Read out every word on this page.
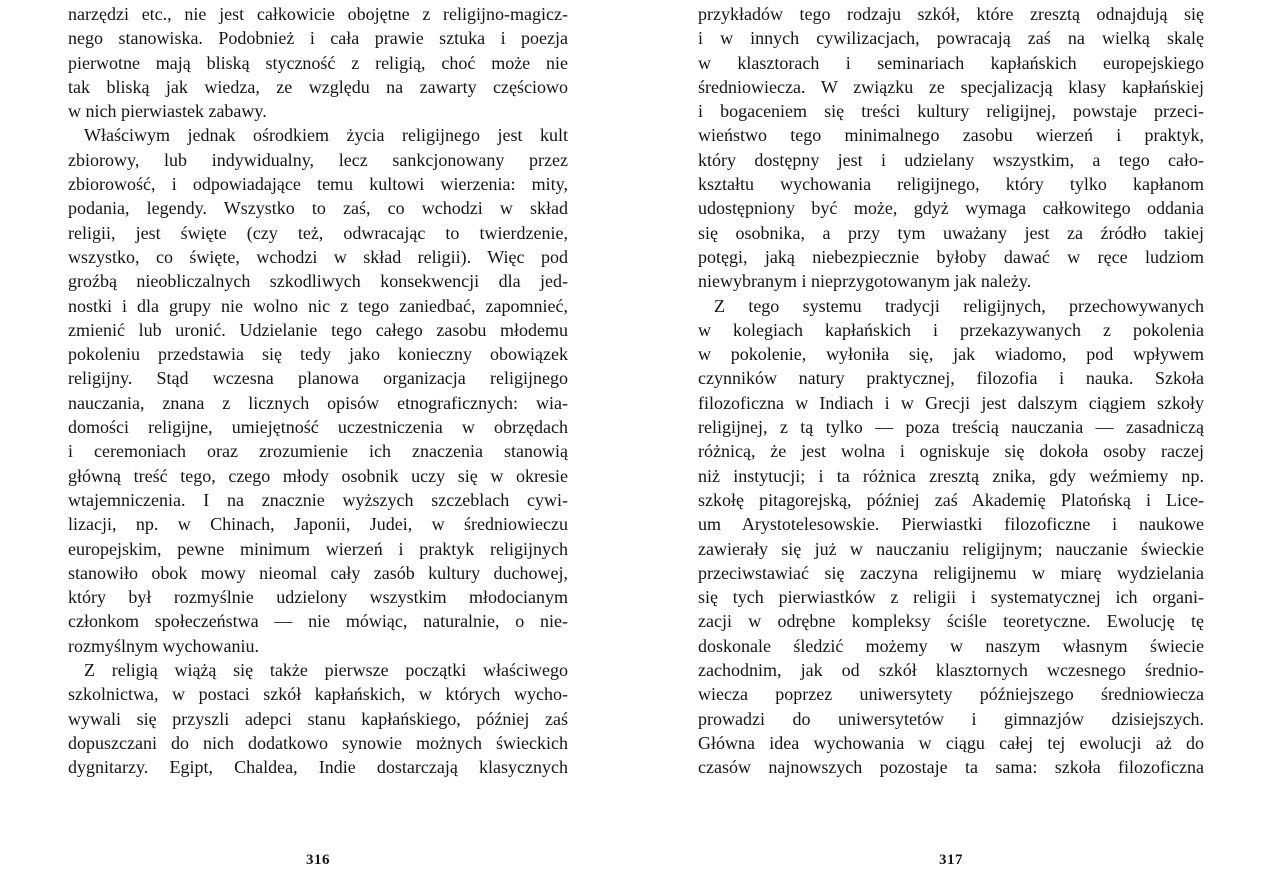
narzędzi etc., nie jest całkowicie obojętne z religijno-magicz-
nego stanowiska. Podobnież i cała prawie sztuka i poezja
pierwotne mają bliską styczność z religią, choć może nie
tak bliską jak wiedza, ze względu na zawarty częściowo
w nich pierwiastek zabawy.
Właściwym jednak ośrodkiem życia religijnego jest kult
zbiorowy, lub indywidualny, lecz sankcjonowany przez
zbiorowość, i odpowiadające temu kultowi wierzenia: mity,
podania, legendy. Wszystko to zaś, co wchodzi w skład
religii, jest święte (czy też, odwracając to twierdzenie,
wszystko, co święte, wchodzi w skład religii). Więc pod
groźbą nieobliczalnych szkodliwych konsekwencji dla jed-
nostki i dla grupy nie wolno nic z tego zaniedbać, zapomnieć,
zmienić lub uronić. Udzielanie tego całego zasobu młodemu
pokoleniu przedstawia się tedy jako konieczny obowiązek
religijny. Stąd wczesna planowa organizacja religijnego
nauczania, znana z licznych opisów etnograficznych: wia-
domości religijne, umiejętność uczestniczenia w obrzędach
i ceremoniach oraz zrozumienie ich znaczenia stanowią
główną treść tego, czego młody osobnik uczy się w okresie
wtajemniczenia. I na znacznie wyższych szczeblach cywi-
lizacji, np. w Chinach, Japonii, Judei, w średniowieczu
europejskim, pewne minimum wierzeń i praktyk religijnych
stanowiło obok mowy nieomal cały zasób kultury duchowej,
który był rozmyślnie udzielony wszystkim młodocianym
członkom społeczeństwa — nie mówiąc, naturalnie, o nie-
rozmyślnym wychowaniu.
Z religią wiążą się także pierwsze początki właściwego
szkolnictwa, w postaci szkół kapłańskich, w których wycho-
wywali się przyszli adepci stanu kapłańskiego, później zaś
dopuszczani do nich dodatkowo synowie możnych świeckich
dygnitarzy. Egipt, Chaldea, Indie dostarczają klasycznych
316
przykładów tego rodzaju szkół, które zresztą odnajdują się
i w innych cywilizacjach, powracają zaś na wielką skalę
w klasztorach i seminariach kapłańskich europejskiego
średniowiecza. W związku ze specjalizacją klasy kapłańskiej
i bogaceniem się treści kultury religijnej, powstaje przeci-
wieństwo tego minimalnego zasobu wierzeń i praktyk,
który dostępny jest i udzielany wszystkim, a tego cało-
kształtu wychowania religijnego, który tylko kapłanom
udostępniony być może, gdyż wymaga całkowitego oddania
się osobnika, a przy tym uważany jest za źródło takiej
potęgi, jaką niebezpiecznie byłoby dawać w ręce ludziom
niewybranym i nieprzygotowanym jak należy.
Z tego systemu tradycji religijnych, przechowywanych
w kolegiach kapłańskich i przekazywanych z pokolenia
w pokolenie, wyłoniła się, jak wiadomo, pod wpływem
czynników natury praktycznej, filozofia i nauka. Szkoła
filozoficzna w Indiach i w Grecji jest dalszym ciągiem szkoły
religijnej, z tą tylko — poza treścią nauczania — zasadniczą
różnicą, że jest wolna i ogniskuje się dokoła osoby raczej
niż instytucji; i ta różnica zresztą znika, gdy weźmiemy np.
szkołę pitagorejską, później zaś Akademię Platońską i Lice-
um Arystotelesowskie. Pierwiastki filozoficzne i naukowe
zawierały się już w nauczaniu religijnym; nauczanie świeckie
przeciwstawiać się zaczyna religijnemu w miarę wydzielania
się tych pierwiastków z religii i systematycznej ich organi-
zacji w odrębne kompleksy ściśle teoretyczne. Ewolucję tę
doskonale śledzić możemy w naszym własnym świecie
zachodnim, jak od szkół klasztornych wczesnego średnio-
wiecza poprzez uniwersytety późniejszego średniowiecza
prowadzi do uniwersytetów i gimnazjów dzisiejszych.
Główna idea wychowania w ciągu całej tej ewolucji aż do
czasów najnowszych pozostaje ta sama: szkoła filozoficzna
317
